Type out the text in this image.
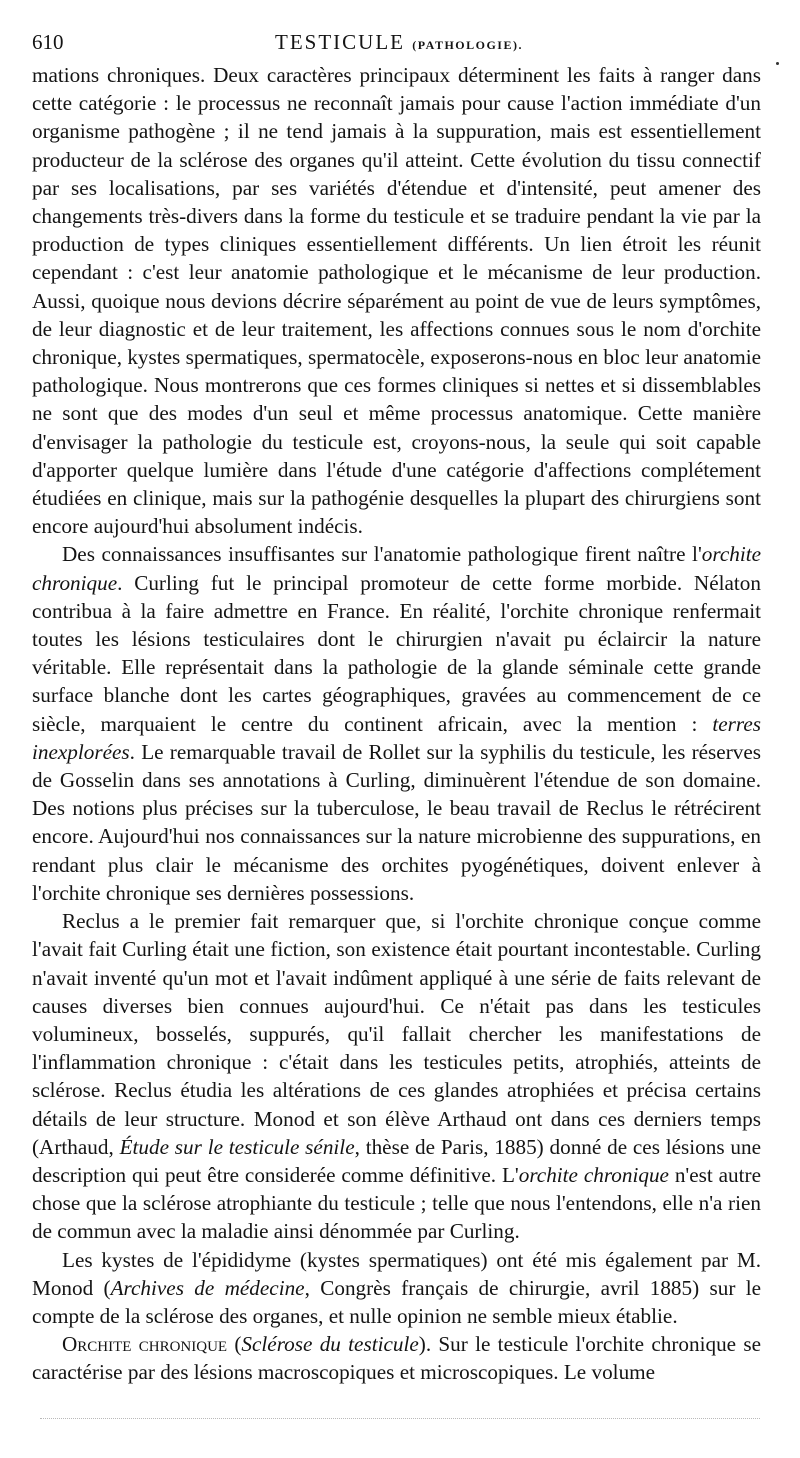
610	TESTICULE (PATHOLOGIE).

mations chroniques. Deux caractères principaux déterminent les faits à ranger dans cette catégorie : le processus ne reconnaît jamais pour cause l'action immédiate d'un organisme pathogène ; il ne tend jamais à la suppuration, mais est essentiellement producteur de la sclérose des organes qu'il atteint. Cette évolution du tissu connectif par ses localisations, par ses variétés d'étendue et d'intensité, peut amener des changements très-divers dans la forme du testicule et se traduire pendant la vie par la production de types cliniques essentiellement différents. Un lien étroit les réunit cependant : c'est leur anatomie pathologique et le mécanisme de leur production. Aussi, quoique nous devions décrire séparément au point de vue de leurs symptômes, de leur diagnostic et de leur traitement, les affections connues sous le nom d'orchite chronique, kystes spermatiques, spermatocèle, exposerons-nous en bloc leur anatomie pathologique. Nous montrerons que ces formes cliniques si nettes et si dissemblables ne sont que des modes d'un seul et même processus anatomique. Cette manière d'envisager la pathologie du testicule est, croyons-nous, la seule qui soit capable d'apporter quelque lumière dans l'étude d'une catégorie d'affections complétement étudiées en clinique, mais sur la pathogénie desquelles la plupart des chirurgiens sont encore aujourd'hui absolument indécis.

Des connaissances insuffisantes sur l'anatomie pathologique firent naître l'orchite chronique. Curling fut le principal promoteur de cette forme morbide. Nélaton contribua à la faire admettre en France. En réalité, l'orchite chronique renfermait toutes les lésions testiculaires dont le chirurgien n'avait pu éclaircir la nature véritable. Elle représentait dans la pathologie de la glande séminale cette grande surface blanche dont les cartes géographiques, gravées au commencement de ce siècle, marquaient le centre du continent africain, avec la mention : terres inexplorées. Le remarquable travail de Rollet sur la syphilis du testicule, les réserves de Gosselin dans ses annotations à Curling, diminuèrent l'étendue de son domaine. Des notions plus précises sur la tuberculose, le beau travail de Reclus le rétrécirent encore. Aujourd'hui nos connaissances sur la nature microbienne des suppurations, en rendant plus clair le mécanisme des orchites pyogénétiques, doivent enlever à l'orchite chronique ses dernières possessions.

Reclus a le premier fait remarquer que, si l'orchite chronique conçue comme l'avait fait Curling était une fiction, son existence était pourtant incontestable. Curling n'avait inventé qu'un mot et l'avait indûment appliqué à une série de faits relevant de causes diverses bien connues aujourd'hui. Ce n'était pas dans les testicules volumineux, bosselés, suppurés, qu'il fallait chercher les manifestations de l'inflammation chronique : c'était dans les testicules petits, atrophiés, atteints de sclérose. Reclus étudia les altérations de ces glandes atrophiées et précisa certains détails de leur structure. Monod et son élève Arthaud ont dans ces derniers temps (Arthaud, Étude sur le testicule sénile, thèse de Paris, 1885) donné de ces lésions une description qui peut être considerée comme définitive. L'orchite chronique n'est autre chose que la sclérose atrophiante du testicule ; telle que nous l'entendons, elle n'a rien de commun avec la maladie ainsi dénommée par Curling.

Les kystes de l'épididyme (kystes spermatiques) ont été mis également par M. Monod (Archives de médecine, Congrès français de chirurgie, avril 1885) sur le compte de la sclérose des organes, et nulle opinion ne semble mieux établie.

Orchite chronique (Sclérose du testicule). Sur le testicule l'orchite chronique se caractérise par des lésions macroscopiques et microscopiques. Le volume
